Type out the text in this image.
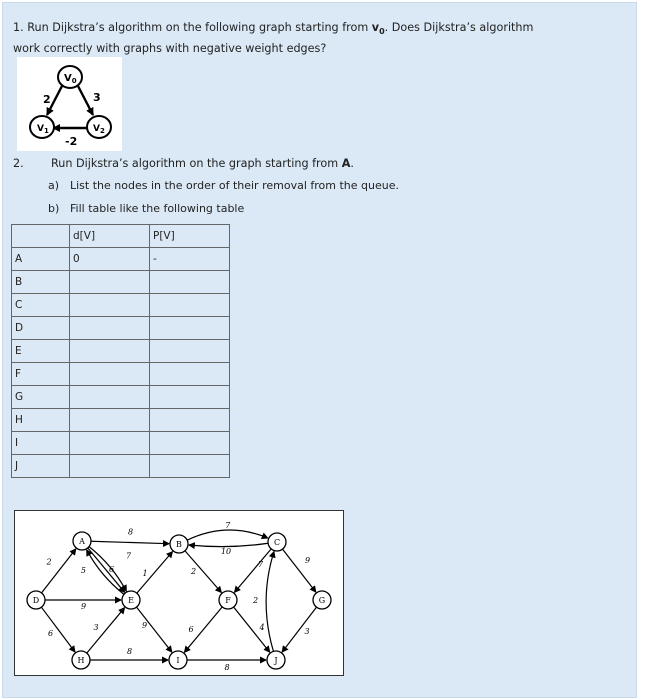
1. Run Dijkstra’s algorithm on the following graph starting from $v_0$. Does Dijkstra’s algorithm
work correctly with graphs with negative weight edges?
$V_0$
$V_1$	$V_2$
2	3
-2
2. Run Dijkstra’s algorithm on the graph starting from A.
a) List the nodes in the order of their removal from the queue.
b) Fill table like the following table
	d[V]	P[V]
A	0	-
B		
C		
D		
E		
F		
G		
H		
I		
J		
8
2
7
6
5
9
6
3
8
9
1	2
7
10
7
6
8
4
2
9
3
A	B	C
D	E	F	G
H	I	J
